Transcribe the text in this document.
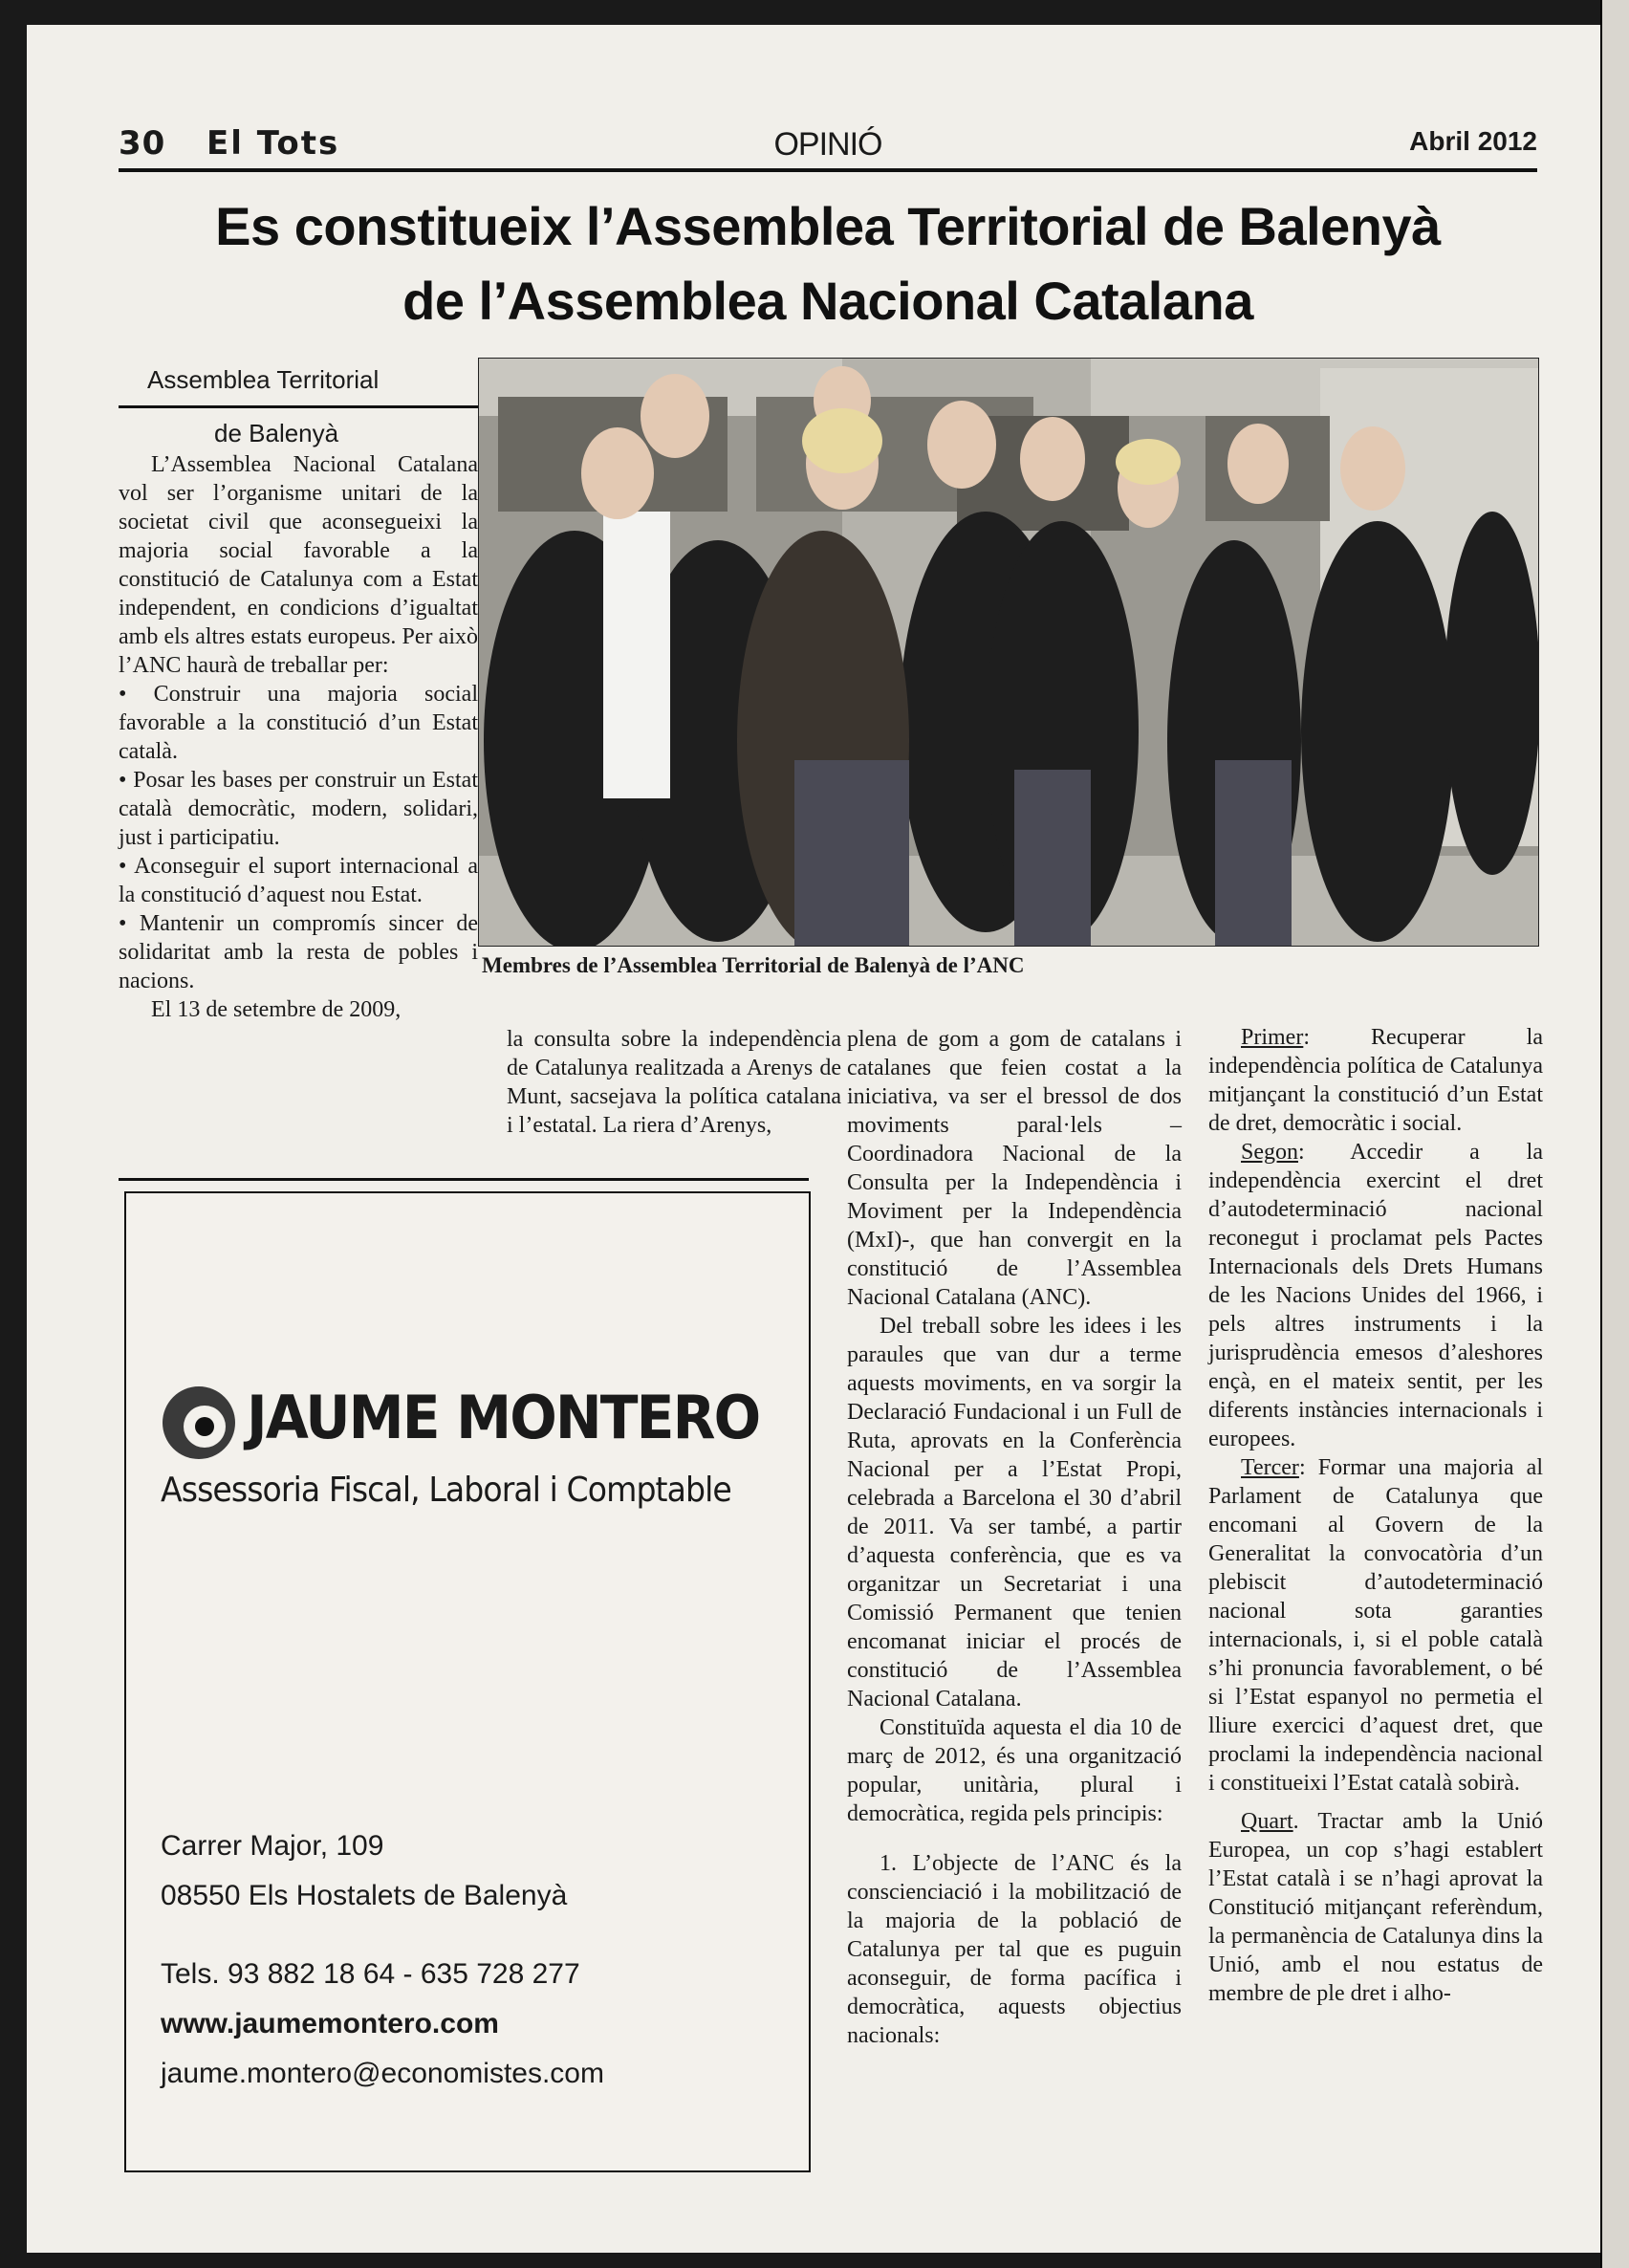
30 El Tots	OPINIÓ	Abril 2012
Es constitueix l’Assemblea Territorial de Balenyà
de l’Assemblea Nacional Catalana
Assemblea Territorial
de Balenyà

L’Assemblea Nacional Catalana vol ser l’organisme unitari de la societat civil que aconsegueixi la majoria social favorable a la constitució de Catalunya com a Estat independent, en condicions d’igualtat amb els altres estats europeus. Per això l’ANC haurà de treballar per:

• Construir una majoria social favorable a la constitució d’un Estat català.

• Posar les bases per construir un Estat català democràtic, modern, solidari, just i participatiu.

• Aconseguir el suport internacional a la constitució d’aquest nou Estat.

• Mantenir un compromís sincer de solidaritat amb la resta de pobles i nacions.

El 13 de setembre de 2009,

Membres de l’Assemblea Territorial de Balenyà de l’ANC

la consulta sobre la independència de Catalunya realitzada a Arenys de Munt, sacsejava la política catalana i l’estatal. La riera d’Arenys,

plena de gom a gom de catalans i catalanes que feien costat a la iniciativa, va ser el bressol de dos moviments paral·lels –Coordinadora Nacional de la Consulta per la Independència i Moviment per la Independència (MxI)-, que han convergit en la constitució de l’Assemblea Nacional Catalana (ANC).

Del treball sobre les idees i les paraules que van dur a terme aquests moviments, en va sorgir la Declaració Fundacional i un Full de Ruta, aprovats en la Conferència Nacional per a l’Estat Propi, celebrada a Barcelona el 30 d’abril de 2011. Va ser també, a partir d’aquesta conferència, que es va organitzar un Secretariat i una Comissió Permanent que tenien encomanat iniciar el procés de constitució de l’Assemblea Nacional Catalana.

Constituïda aquesta el dia 10 de març de 2012, és una organització popular, unitària, plural i democràtica, regida pels principis:

1. L’objecte de l’ANC és la conscienciació i la mobilització de la majoria de la població de Catalunya per tal que es puguin aconseguir, de forma pacífica i democràtica, aquests objectius nacionals:

Primer: Recuperar la independència política de Catalunya mitjançant la constitució d’un Estat de dret, democràtic i social.

Segon: Accedir a la independència exercint el dret d’autodeterminació nacional reconegut i proclamat pels Pactes Internacionals dels Drets Humans de les Nacions Unides del 1966, i pels altres instruments i la jurisprudència emesos d’aleshores ençà, en el mateix sentit, per les diferents instàncies internacionals i europees.

Tercer: Formar una majoria al Parlament de Catalunya que encomani al Govern de la Generalitat la convocatòria d’un plebiscit d’autodeterminació nacional sota garanties internacionals, i, si el poble català s’hi pronuncia favorablement, o bé si l’Estat espanyol no permetia el lliure exercici d’aquest dret, que proclami la independència nacional i constitueixi l’Estat català sobirà.

Quart. Tractar amb la Unió Europea, un cop s’hagi establert l’Estat català i se n’hagi aprovat la Constitució mitjançant referèndum, la permanència de Catalunya dins la Unió, amb el nou estatus de membre de ple dret i alho-

JAUME MONTERO
Assessoria Fiscal, Laboral i Comptable
Carrer Major, 109
08550 Els Hostalets de Balenyà
Tels. 93 882 18 64 - 635 728 277
www.jaumemontero.com
jaume.montero@economistes.com
